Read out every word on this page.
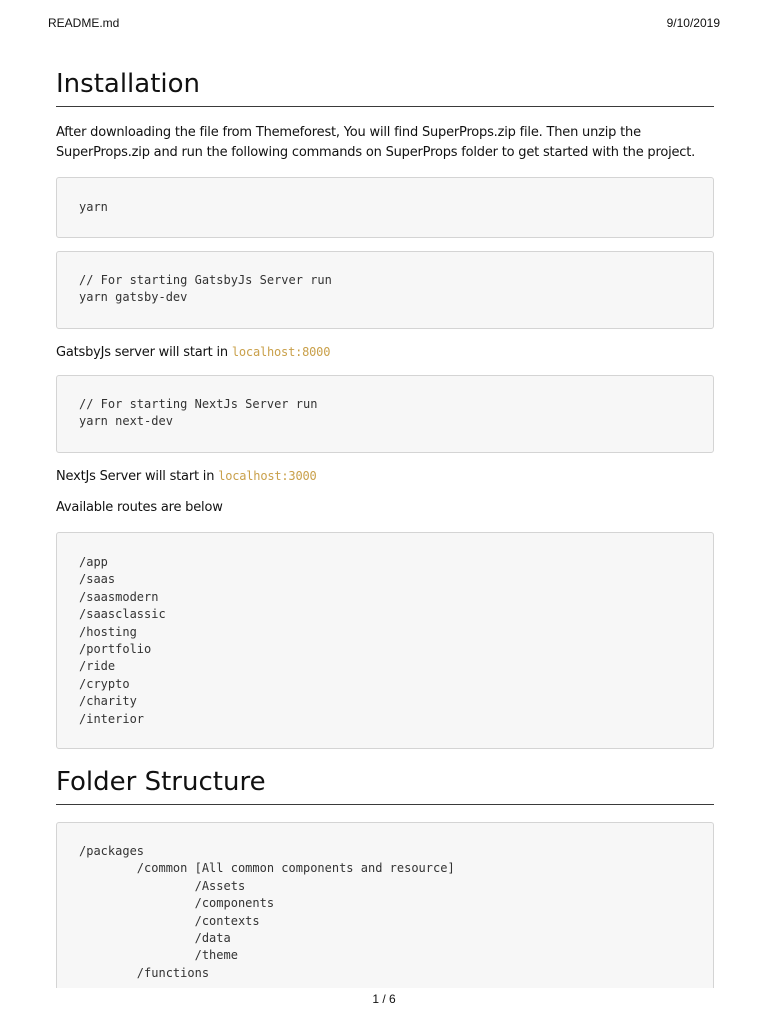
README.md	9/10/2019
Installation

After downloading the file from Themeforest, You will find SuperProps.zip file. Then unzip the SuperProps.zip and run the following commands on SuperProps folder to get started with the project.

yarn
// For starting GatsbyJs Server run
yarn gatsby-dev

GatsbyJs server will start in localhost:8000

// For starting NextJs Server run
yarn next-dev

NextJs Server will start in localhost:3000

Available routes are below

/app
/saas
/saasmodern
/saasclassic
/hosting
/portfolio
/ride
/crypto
/charity
/interior
Folder Structure
/packages
/common [All common components and resource]
/Assets
/components
/contexts
/data
/theme
/functions
1 / 6
